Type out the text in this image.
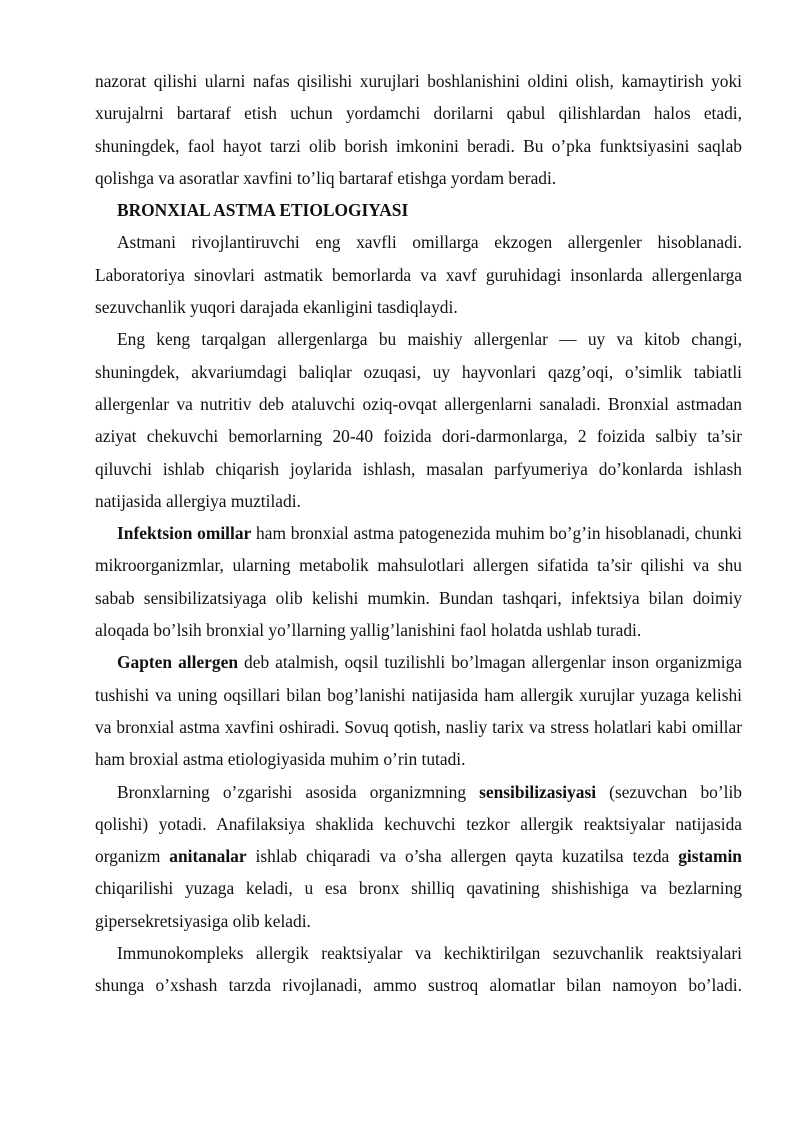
nazorat qilishi ularni nafas qisilishi xurujlari boshlanishini oldini olish, kamaytirish yoki xurujalrni bartaraf etish uchun yordamchi dorilarni qabul qilishlardan halos etadi, shuningdek, faol hayot tarzi olib borish imkonini beradi. Bu o’pka funktsiyasini saqlab qolishga va asoratlar xavfini to’liq bartaraf etishga yordam beradi.

BRONXIAL ASTMA ETIOLOGIYASI

Astmani rivojlantiruvchi eng xavfli omillarga ekzogen allergenler hisoblanadi. Laboratoriya sinovlari astmatik bemorlarda va xavf guruhidagi insonlarda allergenlarga sezuvchanlik yuqori darajada ekanligini tasdiqlaydi.

Eng keng tarqalgan allergenlarga bu maishiy allergenlar — uy va kitob changi, shuningdek, akvariumdagi baliqlar ozuqasi, uy hayvonlari qazg’oqi, o’simlik tabiatli allergenlar va nutritiv deb ataluvchi oziq-ovqat allergenlarni sanaladi. Bronxial astmadan aziyat chekuvchi bemorlarning 20-40 foizida dori-darmonlarga, 2 foizida salbiy ta’sir qiluvchi ishlab chiqarish joylarida ishlash, masalan parfyumeriya do’konlarda ishlash natijasida allergiya muztiladi.

Infektsion omillar ham bronxial astma patogenezida muhim bo’g’in hisoblanadi, chunki mikroorganizmlar, ularning metabolik mahsulotlari allergen sifatida ta’sir qilishi va shu sabab sensibilizatsiyaga olib kelishi mumkin. Bundan tashqari, infektsiya bilan doimiy aloqada bo’lsih bronxial yo’llarning yallig’lanishini faol holatda ushlab turadi.

Gapten allergen deb atalmish, oqsil tuzilishli bo’lmagan allergenlar inson organizmiga tushishi va uning oqsillari bilan bog’lanishi natijasida ham allergik xurujlar yuzaga kelishi va bronxial astma xavfini oshiradi. Sovuq qotish, nasliy tarix va stress holatlari kabi omillar ham broxial astma etiologiyasida muhim o’rin tutadi.

Bronxlarning o’zgarishi asosida organizmning sensibilizasiyasi (sezuvchan bo’lib qolishi) yotadi. Anafilaksiya shaklida kechuvchi tezkor allergik reaktsiyalar natijasida organizm anitanalar ishlab chiqaradi va o’sha allergen qayta kuzatilsa tezda gistamin chiqarilishi yuzaga keladi, u esa bronx shilliq qavatining shishishiga va bezlarning gipersekretsiyasiga olib keladi.

Immunokompleks allergik reaktsiyalar va kechiktirilgan sezuvchanlik reaktsiyalari shunga o’xshash tarzda rivojlanadi, ammo sustroq alomatlar bilan namoyon bo’ladi.
